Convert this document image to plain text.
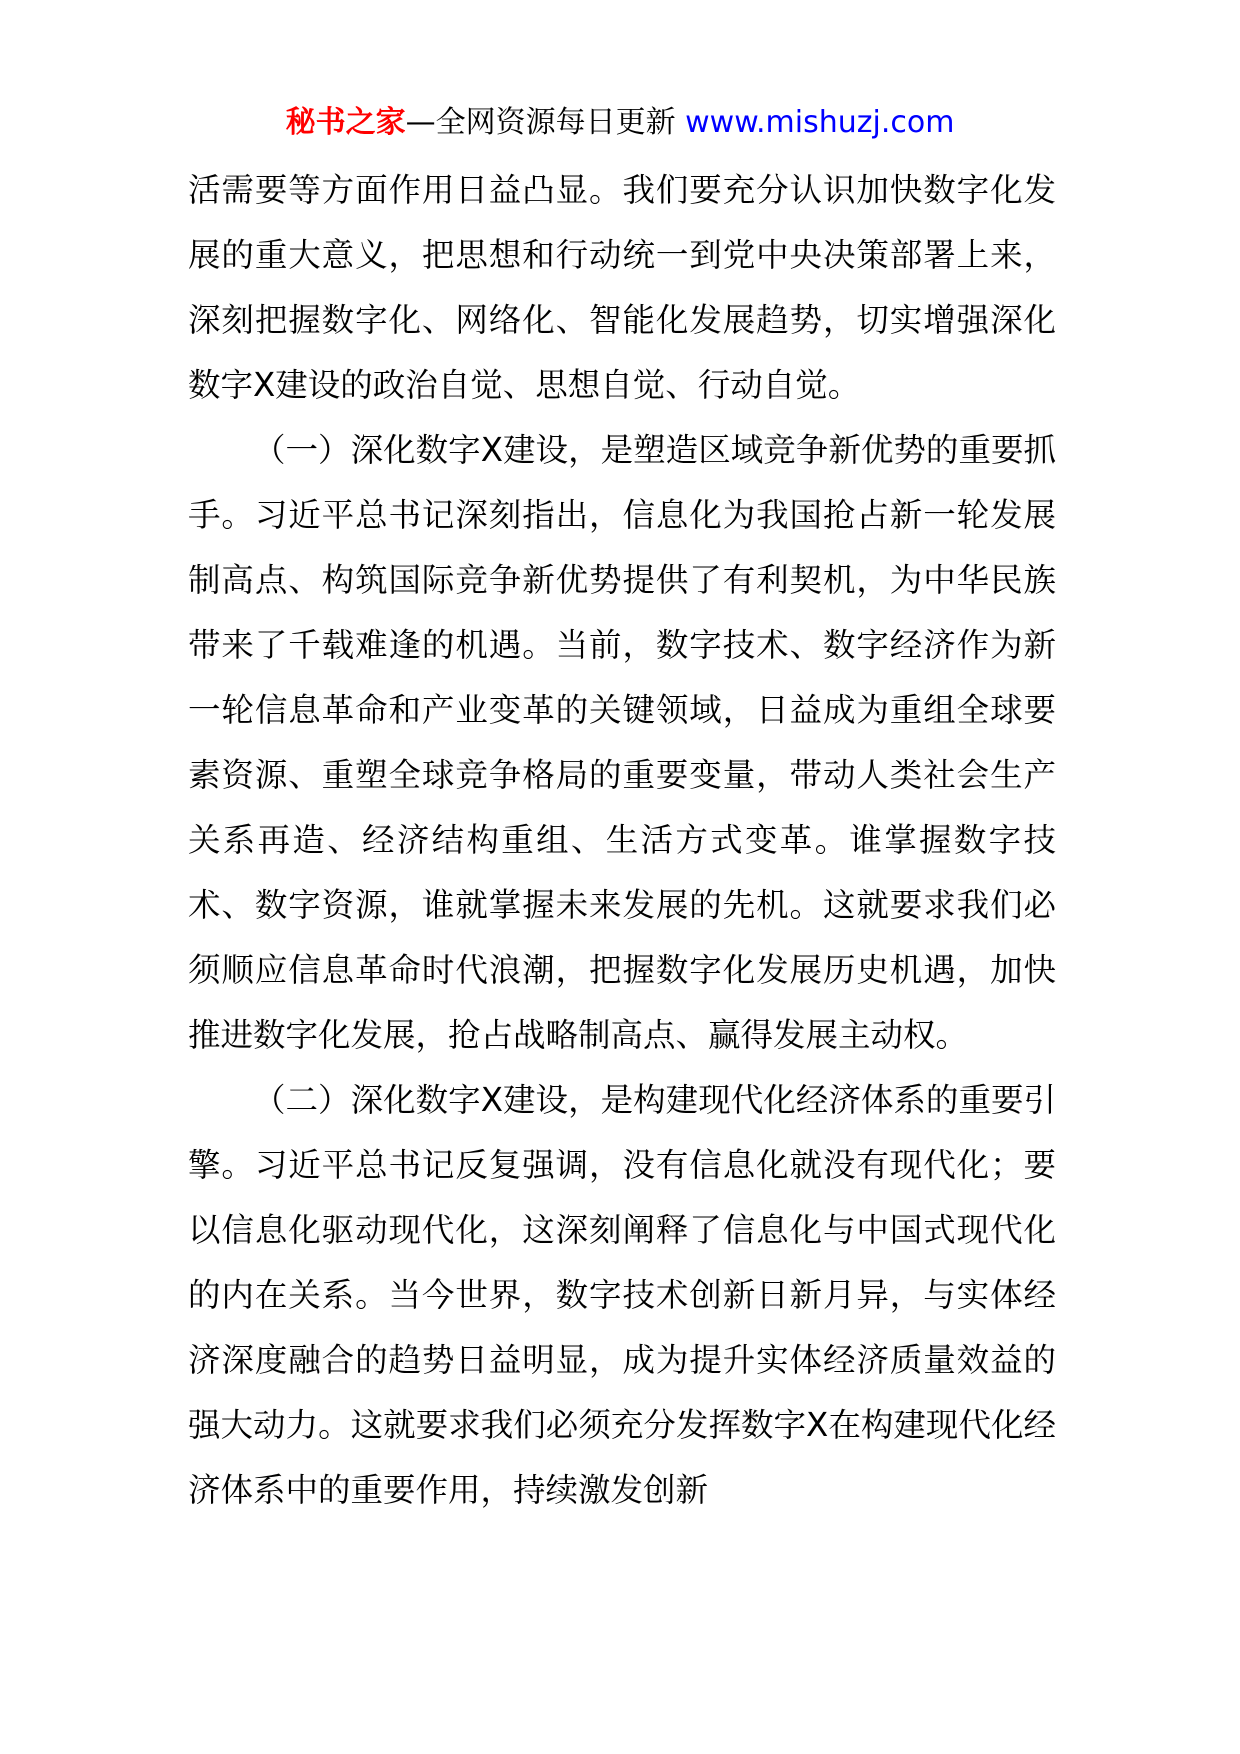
秘书之家—全网资源每日更新 www.mishuzj.com

活需要等方面作用日益凸显。我们要充分认识加快数字化发展的重大意义，把思想和行动统一到党中央决策部署上来，深刻把握数字化、网络化、智能化发展趋势，切实增强深化数字X建设的政治自觉、思想自觉、行动自觉。

（一）深化数字X建设，是塑造区域竞争新优势的重要抓手。习近平总书记深刻指出，信息化为我国抢占新一轮发展制高点、构筑国际竞争新优势提供了有利契机，为中华民族带来了千载难逢的机遇。当前，数字技术、数字经济作为新一轮信息革命和产业变革的关键领域，日益成为重组全球要素资源、重塑全球竞争格局的重要变量，带动人类社会生产关系再造、经济结构重组、生活方式变革。谁掌握数字技术、数字资源，谁就掌握未来发展的先机。这就要求我们必须顺应信息革命时代浪潮，把握数字化发展历史机遇，加快推进数字化发展，抢占战略制高点、赢得发展主动权。

（二）深化数字X建设，是构建现代化经济体系的重要引擎。习近平总书记反复强调，没有信息化就没有现代化；要以信息化驱动现代化，这深刻阐释了信息化与中国式现代化的内在关系。当今世界，数字技术创新日新月异，与实体经济深度融合的趋势日益明显，成为提升实体经济质量效益的强大动力。这就要求我们必须充分发挥数字X在构建现代化经济体系中的重要作用，持续激发创新
